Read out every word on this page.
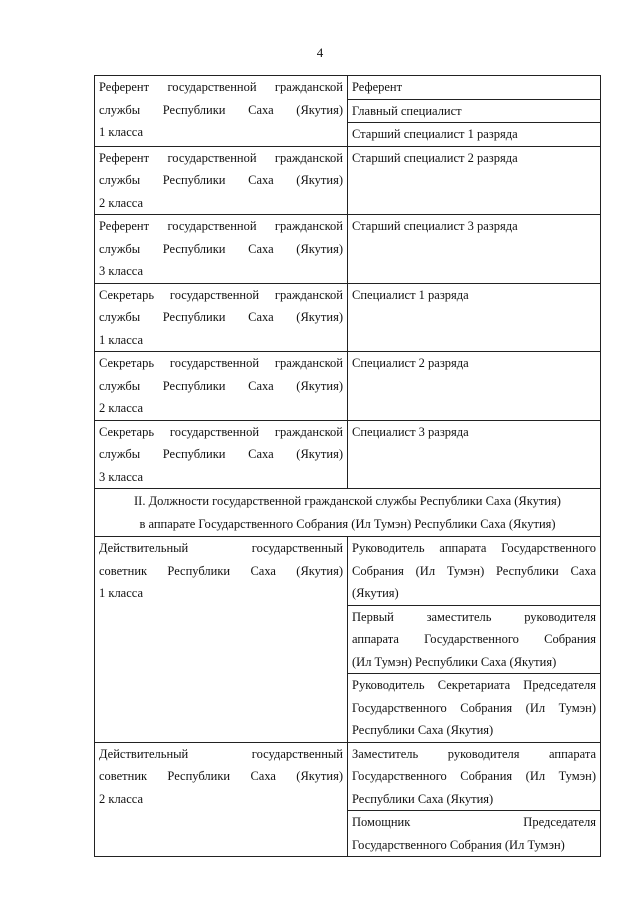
4
Референт государственной гражданской
службы Республики Саха (Якутия)
1 класса	Референт

	Главный специалист

	Старший специалист 1 разряда

Референт государственной гражданской
службы Республики Саха (Якутия)
2 класса	Старший специалист 2 разряда

Референт государственной гражданской
службы Республики Саха (Якутия)
3 класса	Старший специалист 3 разряда

Секретарь государственной гражданской
службы Республики Саха (Якутия)
1 класса	Специалист 1 разряда

Секретарь государственной гражданской
службы Республики Саха (Якутия)
2 класса	Специалист 2 разряда

Секретарь государственной гражданской
службы Республики Саха (Якутия)
3 класса	Специалист 3 разряда

II. Должности государственной гражданской службы Республики Саха (Якутия)
в аппарате Государственного Собрания (Ил Тумэн) Республики Саха (Якутия)	

Действительный государственный
советник Республики Саха (Якутия)
1 класса	Руководитель аппарата Государственного
Собрания (Ил Тумэн) Республики Саха
(Якутия)

	Первый заместитель руководителя
аппарата Государственного Собрания
(Ил Тумэн) Республики Саха (Якутия)

	Руководитель Секретариата Председателя
Государственного Собрания (Ил Тумэн)
Республики Саха (Якутия)

Действительный государственный
советник Республики Саха (Якутия)
2 класса	Заместитель руководителя аппарата
Государственного Собрания (Ил Тумэн)
Республики Саха (Якутия)

	Помощник Председателя
Государственного Собрания (Ил Тумэн)
